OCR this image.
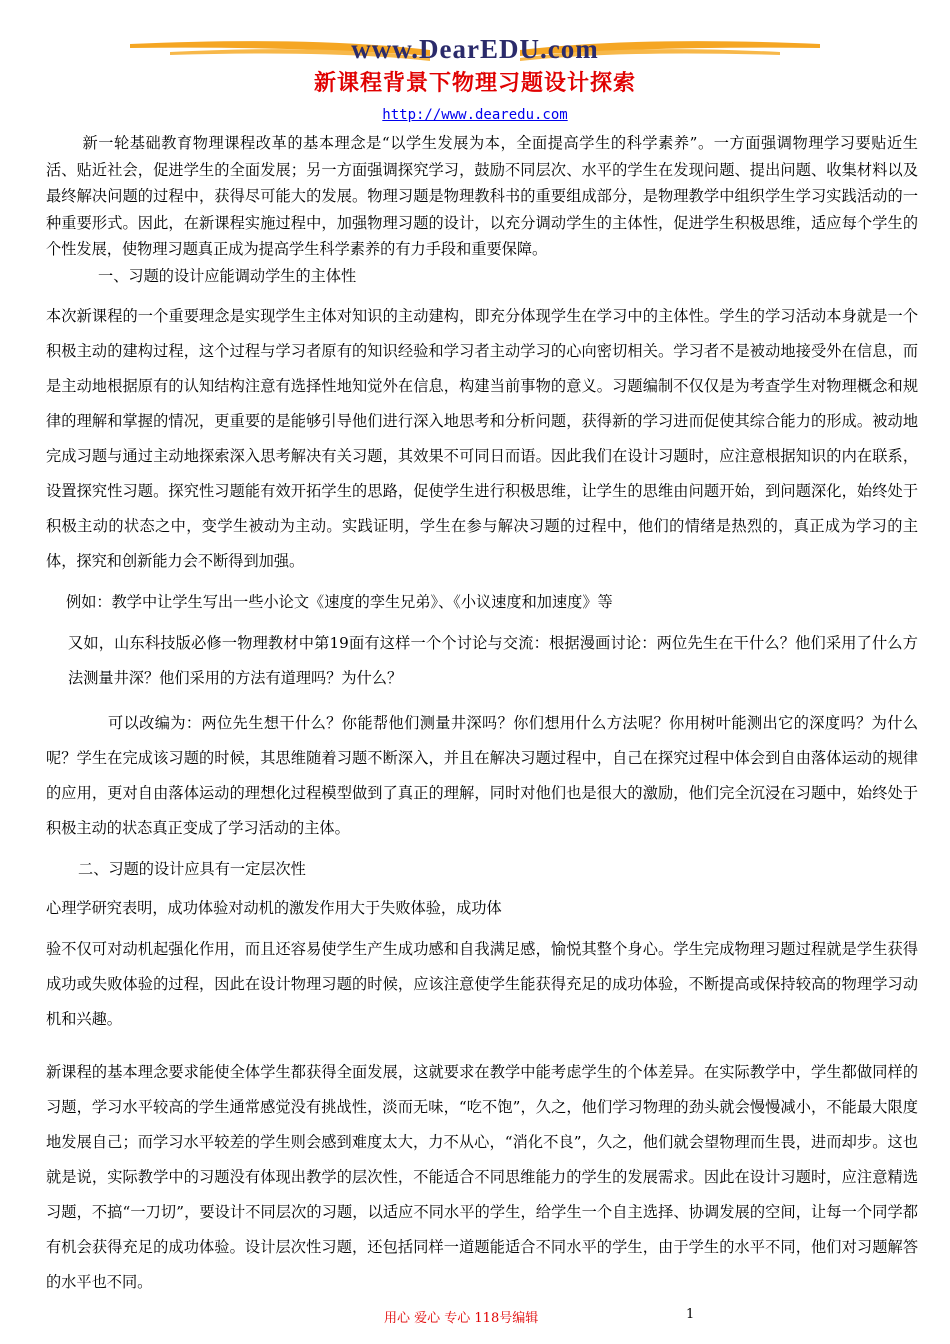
www.DearEDU.com
新课程背景下物理习题设计探索
http://www.dearedu.com

新一轮基础教育物理课程改革的基本理念是“以学生发展为本，全面提高学生的科学素养”。一方面强调物理学习要贴近生活、贴近社会，促进学生的全面发展；另一方面强调探究学习，鼓励不同层次、水平的学生在发现问题、提出问题、收集材料以及最终解决问题的过程中，获得尽可能大的发展。物理习题是物理教科书的重要组成部分，是物理教学中组织学生学习实践活动的一种重要形式。因此，在新课程实施过程中，加强物理习题的设计，以充分调动学生的主体性，促进学生积极思维，适应每个学生的个性发展，使物理习题真正成为提高学生科学素养的有力手段和重要保障。

一、习题的设计应能调动学生的主体性

本次新课程的一个重要理念是实现学生主体对知识的主动建构，即充分体现学生在学习中的主体性。学生的学习活动本身就是一个积极主动的建构过程，这个过程与学习者原有的知识经验和学习者主动学习的心向密切相关。学习者不是被动地接受外在信息，而是主动地根据原有的认知结构注意有选择性地知觉外在信息，构建当前事物的意义。习题编制不仅仅是为考查学生对物理概念和规律的理解和掌握的情况，更重要的是能够引导他们进行深入地思考和分析问题，获得新的学习进而促使其综合能力的形成。被动地完成习题与通过主动地探索深入思考解决有关习题，其效果不可同日而语。因此我们在设计习题时，应注意根据知识的内在联系，设置探究性习题。探究性习题能有效开拓学生的思路，促使学生进行积极思维，让学生的思维由问题开始，到问题深化，始终处于积极主动的状态之中，变学生被动为主动。实践证明，学生在参与解决习题的过程中，他们的情绪是热烈的，真正成为学习的主体，探究和创新能力会不断得到加强。

例如：教学中让学生写出一些小论文《速度的孪生兄弟》、《小议速度和加速度》等

又如，山东科技版必修一物理教材中第19面有这样一个个讨论与交流：根据漫画讨论：两位先生在干什么？他们采用了什么方法测量井深？他们采用的方法有道理吗？为什么？

可以改编为：两位先生想干什么？你能帮他们测量井深吗？你们想用什么方法呢？你用树叶能测出它的深度吗？为什么呢？学生在完成该习题的时候，其思维随着习题不断深入，并且在解决习题过程中，自己在探究过程中体会到自由落体运动的规律的应用，更对自由落体运动的理想化过程模型做到了真正的理解，同时对他们也是很大的激励，他们完全沉浸在习题中，始终处于积极主动的状态真正变成了学习活动的主体。

二、习题的设计应具有一定层次性

心理学研究表明，成功体验对动机的激发作用大于失败体验，成功体

验不仅可对动机起强化作用，而且还容易使学生产生成功感和自我满足感，愉悦其整个身心。学生完成物理习题过程就是学生获得成功或失败体验的过程，因此在设计物理习题的时候，应该注意使学生能获得充足的成功体验，不断提高或保持较高的物理学习动机和兴趣。

新课程的基本理念要求能使全体学生都获得全面发展，这就要求在教学中能考虑学生的个体差异。在实际教学中，学生都做同样的习题，学习水平较高的学生通常感觉没有挑战性，淡而无味，“吃不饱”，久之，他们学习物理的劲头就会慢慢减小，不能最大限度地发展自己；而学习水平较差的学生则会感到难度太大，力不从心，“消化不良”，久之，他们就会望物理而生畏，进而却步。这也就是说，实际教学中的习题没有体现出教学的层次性，不能适合不同思维能力的学生的发展需求。因此在设计习题时，应注意精选习题，不搞“一刀切”，要设计不同层次的习题，以适应不同水平的学生，给学生一个自主选择、协调发展的空间，让每一个同学都有机会获得充足的成功体验。设计层次性习题，还包括同样一道题能适合不同水平的学生，由于学生的水平不同，他们对习题解答的水平也不同。

用心 爱心 专心 118号编辑	1
